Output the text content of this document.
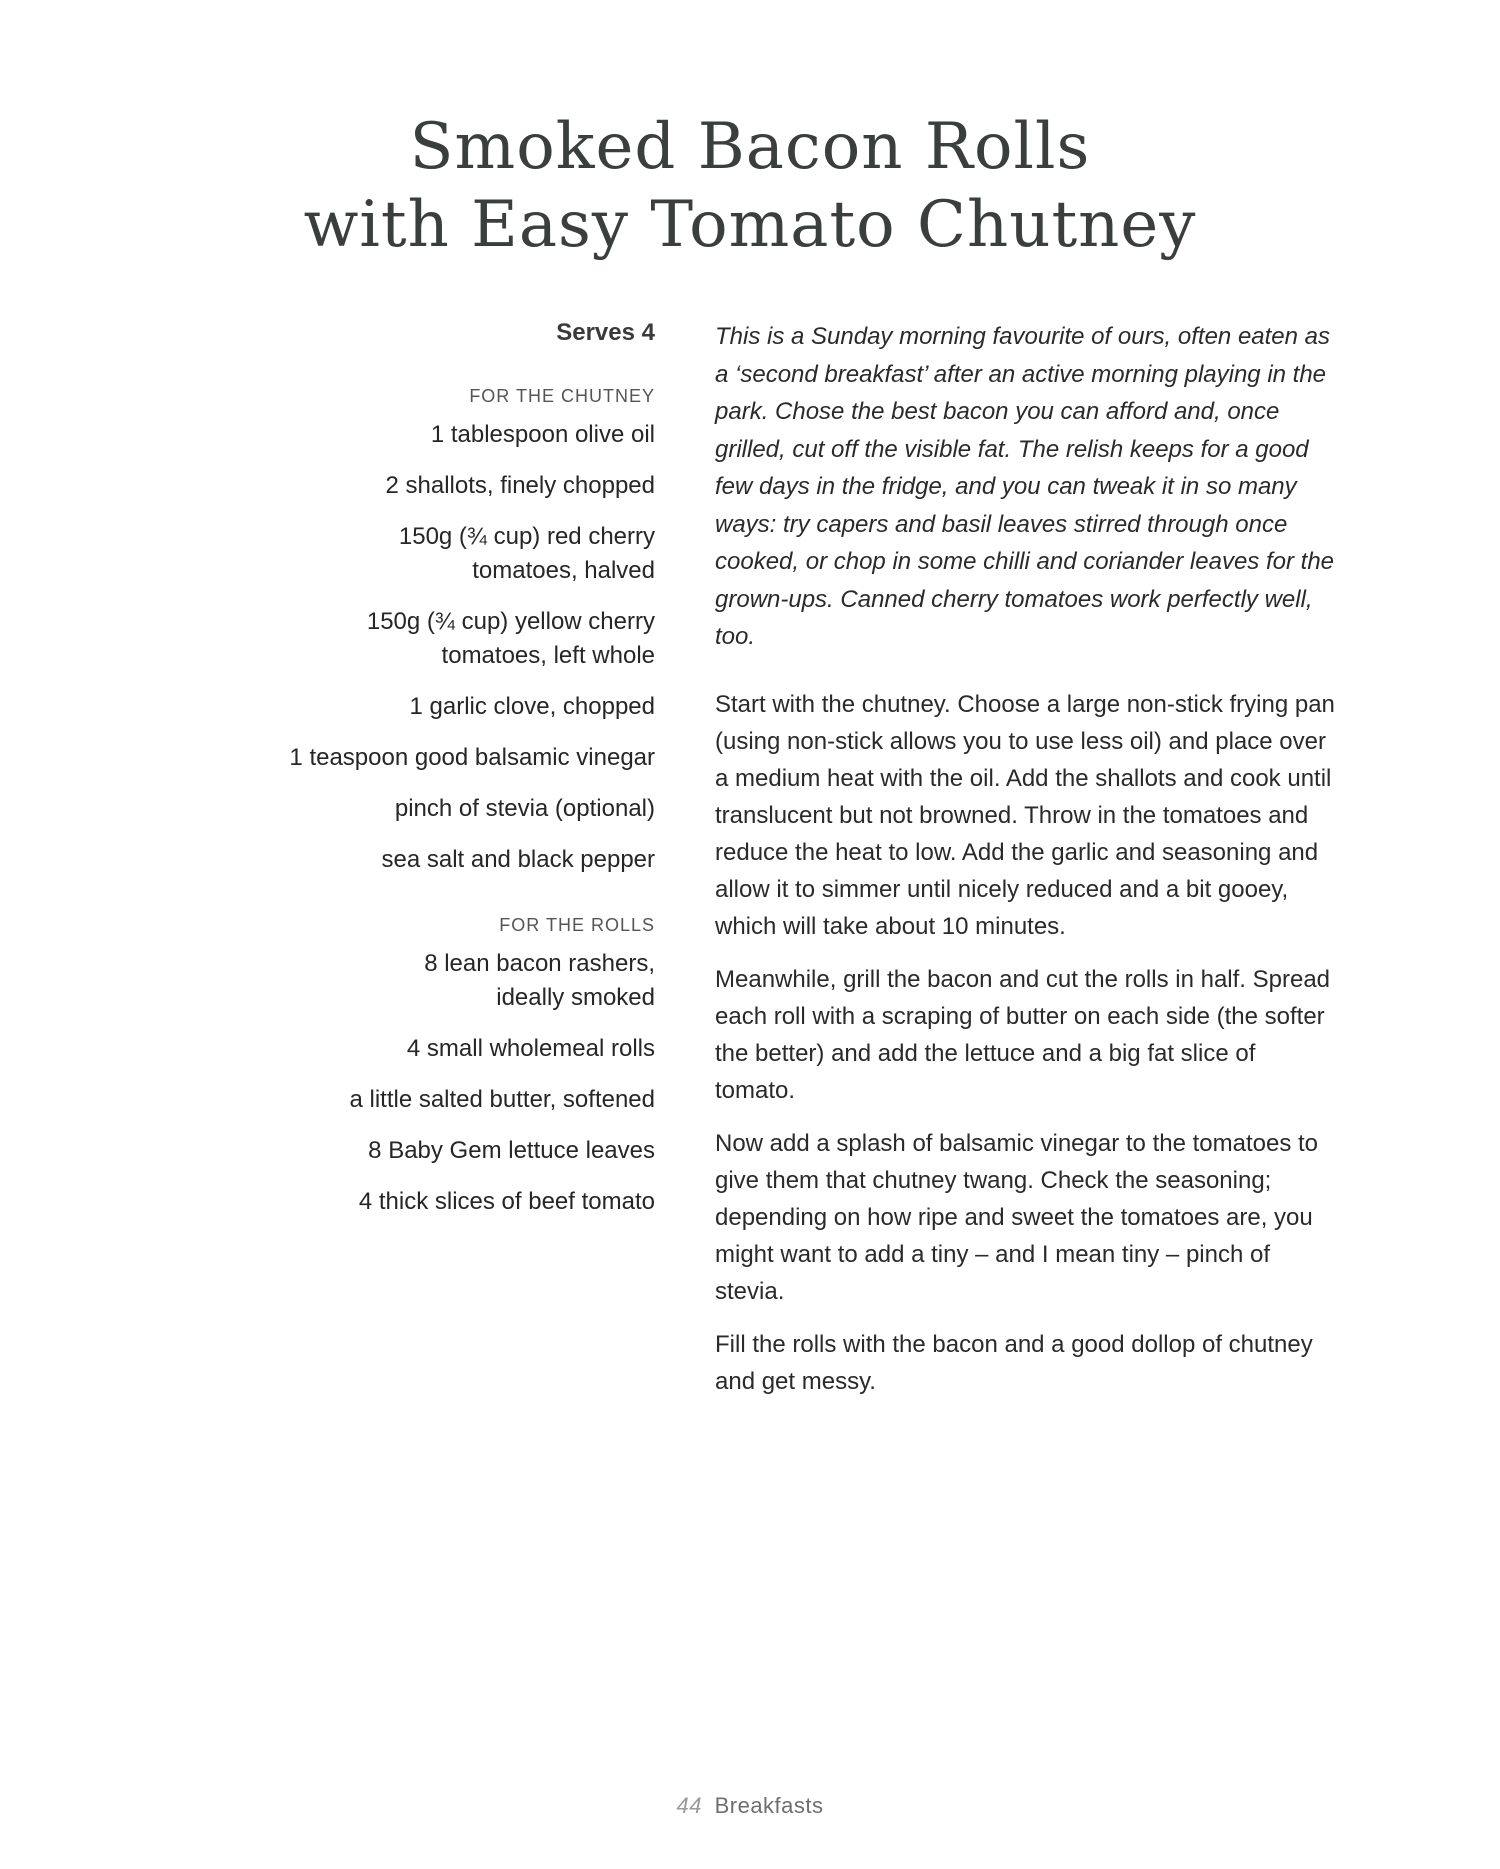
Smoked Bacon Rolls
with Easy Tomato Chutney
Serves 4
FOR THE CHUTNEY
1 tablespoon olive oil
2 shallots, finely chopped
150g (¾ cup) red cherry
tomatoes, halved
150g (¾ cup) yellow cherry
tomatoes, left whole
1 garlic clove, chopped
1 teaspoon good balsamic vinegar
pinch of stevia (optional)
sea salt and black pepper
FOR THE ROLLS
8 lean bacon rashers,
ideally smoked
4 small wholemeal rolls
a little salted butter, softened
8 Baby Gem lettuce leaves
4 thick slices of beef tomato

This is a Sunday morning favourite of ours, often eaten as a ‘second breakfast’ after an active morning playing in the park. Chose the best bacon you can afford and, once grilled, cut off the visible fat. The relish keeps for a good few days in the fridge, and you can tweak it in so many ways: try capers and basil leaves stirred through once cooked, or chop in some chilli and coriander leaves for the grown-ups. Canned cherry tomatoes work perfectly well, too.

Start with the chutney. Choose a large non-stick frying pan (using non-stick allows you to use less oil) and place over a medium heat with the oil. Add the shallots and cook until translucent but not browned. Throw in the tomatoes and reduce the heat to low. Add the garlic and seasoning and allow it to simmer until nicely reduced and a bit gooey, which will take about 10 minutes.

Meanwhile, grill the bacon and cut the rolls in half. Spread each roll with a scraping of butter on each side (the softer the better) and add the lettuce and a big fat slice of tomato.

Now add a splash of balsamic vinegar to the tomatoes to give them that chutney twang. Check the seasoning; depending on how ripe and sweet the tomatoes are, you might want to add a tiny – and I mean tiny – pinch of stevia.

Fill the rolls with the bacon and a good dollop of chutney and get messy.

44 Breakfasts
